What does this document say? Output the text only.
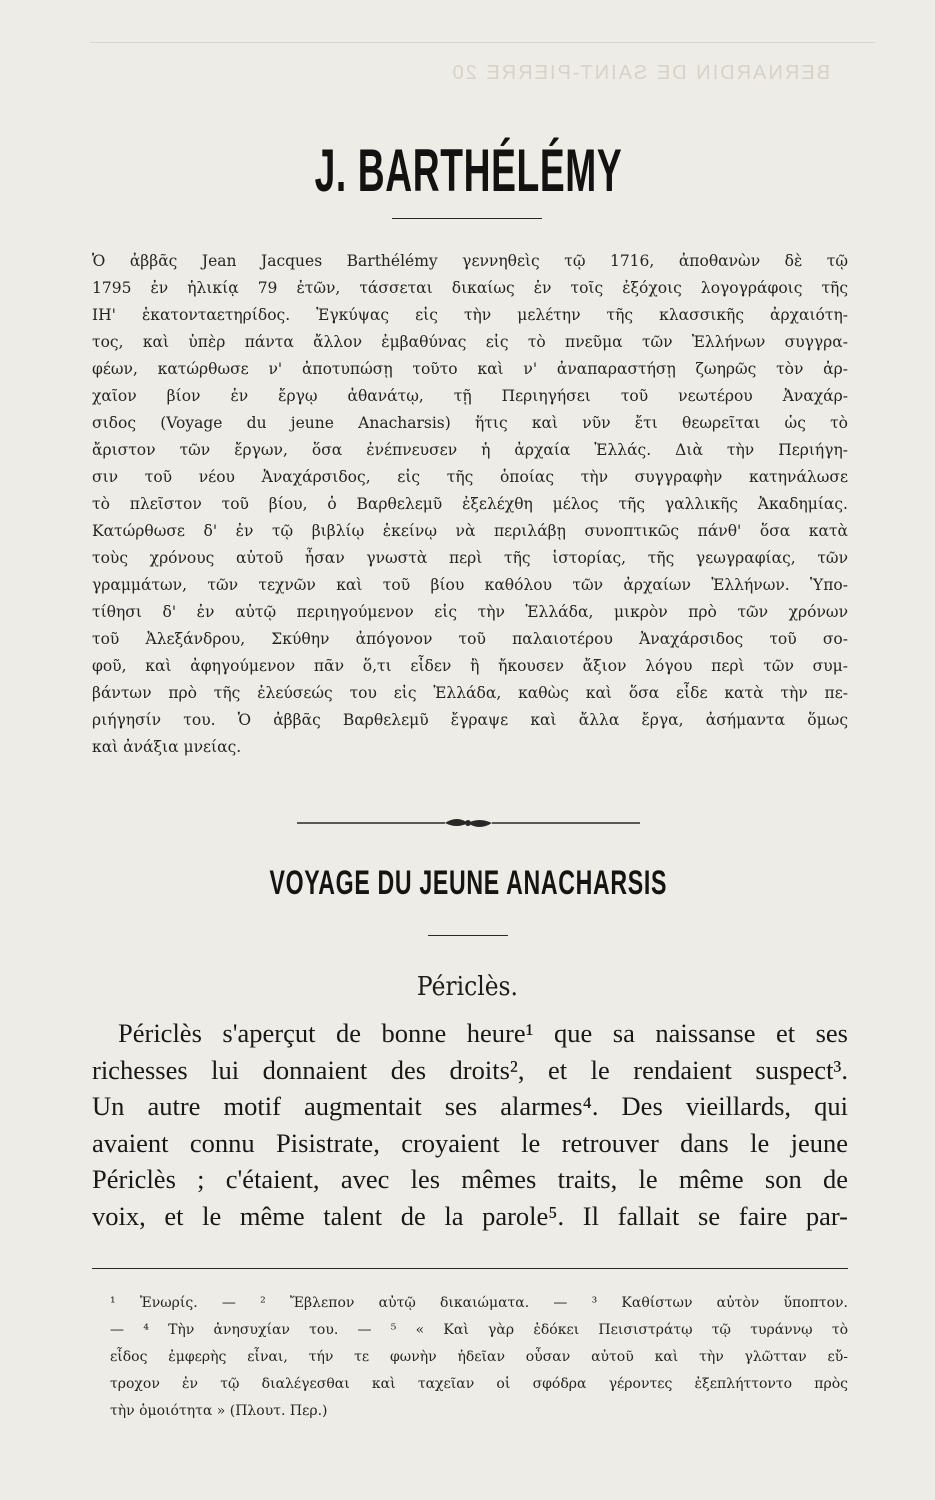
BERNARDIN DE SAINT-PIERRE 20
J. BARTHÉLÉMY
Ὁ ἀββᾶς Jean Jacques Barthélémy γεννηθεὶς τῷ 1716, ἀποθανὼν δὲ τῷ
1795 ἐν ἡλικίᾳ 79 ἐτῶν, τάσσεται δικαίως ἐν τοῖς ἐξόχοις λογογράφοις τῆς
ΙΗ' ἑκατονταετηρίδος. Ἐγκύψας εἰς τὴν μελέτην τῆς κλασσικῆς ἀρχαιότη-
τος, καὶ ὑπὲρ πάντα ἄλλον ἐμβαθύνας εἰς τὸ πνεῦμα τῶν Ἑλλήνων συγγρα-
φέων, κατώρθωσε ν' ἀποτυπώσῃ τοῦτο καὶ ν' ἀναπαραστήσῃ ζωηρῶς τὸν ἀρ-
χαῖον βίον ἐν ἔργῳ ἀθανάτῳ, τῇ Περιηγήσει τοῦ νεωτέρου Ἀναχάρ-
σιδος (Voyage du jeune Anacharsis) ἥτις καὶ νῦν ἔτι θεωρεῖται ὡς τὸ
ἄριστον τῶν ἔργων, ὅσα ἐνέπνευσεν ἡ ἀρχαία Ἑλλάς. Διὰ τὴν Περιήγη-
σιν τοῦ νέου Ἀναχάρσιδος, εἰς τῆς ὁποίας τὴν συγγραφὴν κατηνάλωσε
τὸ πλεῖστον τοῦ βίου, ὁ Βαρθελεμῦ ἐξελέχθη μέλος τῆς γαλλικῆς Ἀκαδημίας.
Κατώρθωσε δ' ἐν τῷ βιβλίῳ ἐκείνῳ νὰ περιλάβῃ συνοπτικῶς πάνθ' ὅσα κατὰ
τοὺς χρόνους αὐτοῦ ἦσαν γνωστὰ περὶ τῆς ἱστορίας, τῆς γεωγραφίας, τῶν
γραμμάτων, τῶν τεχνῶν καὶ τοῦ βίου καθόλου τῶν ἀρχαίων Ἑλλήνων. Ὑπο-
τίθησι δ' ἐν αὐτῷ περιηγούμενον εἰς τὴν Ἑλλάδα, μικρὸν πρὸ τῶν χρόνων
τοῦ Ἀλεξάνδρου, Σκύθην ἀπόγονον τοῦ παλαιοτέρου Ἀναχάρσιδος τοῦ σο-
φοῦ, καὶ ἀφηγούμενον πᾶν ὅ,τι εἶδεν ἢ ἤκουσεν ἄξιον λόγου περὶ τῶν συμ-
βάντων πρὸ τῆς ἐλεύσεώς του εἰς Ἑλλάδα, καθὼς καὶ ὅσα εἶδε κατὰ τὴν πε-
ριήγησίν του. Ὁ ἀββᾶς Βαρθελεμῦ ἔγραψε καὶ ἄλλα ἔργα, ἀσήμαντα ὅμως
καὶ ἀνάξια μνείας.
VOYAGE DU JEUNE ANACHARSIS
Périclès.
Périclès s'aperçut de bonne heure¹ que sa naissanse et ses
richesses lui donnaient des droits², et le rendaient suspect³.
Un autre motif augmentait ses alarmes⁴. Des vieillards, qui
avaient connu Pisistrate, croyaient le retrouver dans le jeune
Périclès ; c'étaient, avec les mêmes traits, le même son de
voix, et le même talent de la parole⁵. Il fallait se faire par-
¹ Ἐνωρίς. — ² Ἔβλεπον αὐτῷ δικαιώματα. — ³ Καθίστων αὐτὸν ὕποπτον.
— ⁴ Τὴν ἀνησυχίαν του. — ⁵ « Καὶ γὰρ ἐδόκει Πεισιστράτῳ τῷ τυράννῳ τὸ
εἶδος ἐμφερὴς εἶναι, τήν τε φωνὴν ἡδεῖαν οὖσαν αὐτοῦ καὶ τὴν γλῶτταν εὔ-
τροχον ἐν τῷ διαλέγεσθαι καὶ ταχεῖαν οἱ σφόδρα γέροντες ἐξεπλήττοντο πρὸς
τὴν ὁμοιότητα » (Πλουτ. Περ.)
